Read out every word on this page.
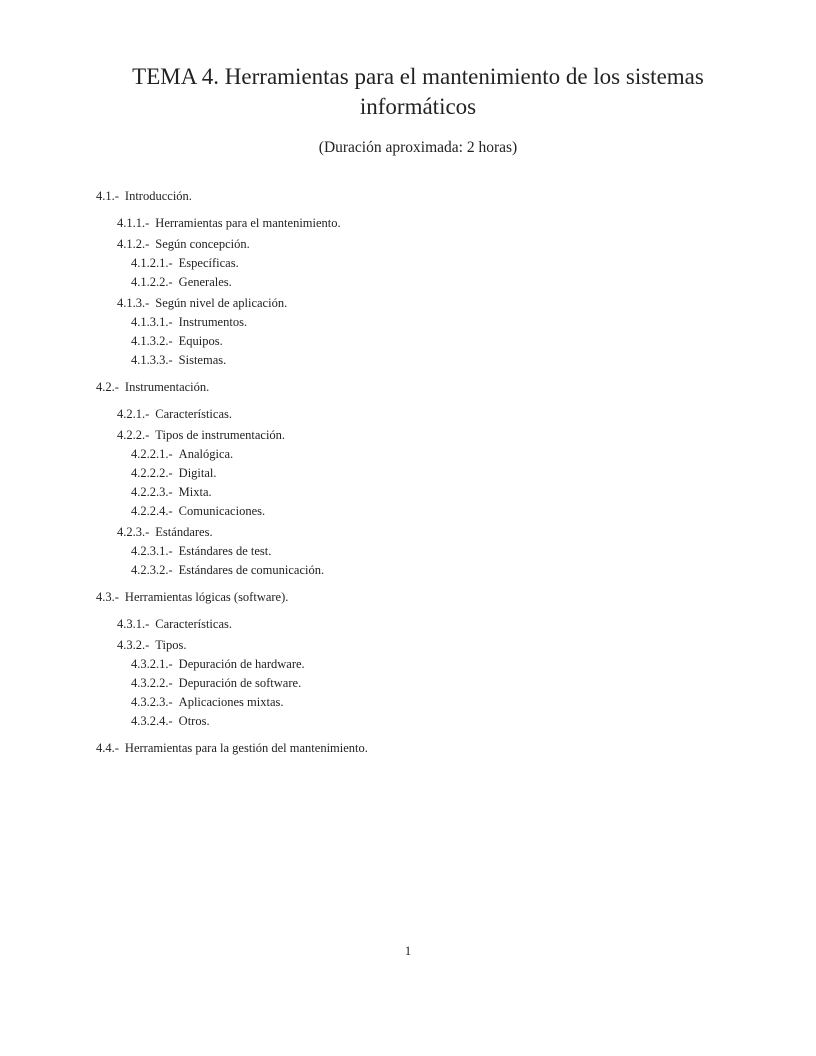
TEMA 4. Herramientas para el mantenimiento de los sistemas informáticos
(Duración aproximada: 2 horas)
4.1.- Introducción.
4.1.1.- Herramientas para el mantenimiento.
4.1.2.- Según concepción.
4.1.2.1.- Específicas.
4.1.2.2.- Generales.
4.1.3.- Según nivel de aplicación.
4.1.3.1.- Instrumentos.
4.1.3.2.- Equipos.
4.1.3.3.- Sistemas.
4.2.- Instrumentación.
4.2.1.- Características.
4.2.2.- Tipos de instrumentación.
4.2.2.1.- Analógica.
4.2.2.2.- Digital.
4.2.2.3.- Mixta.
4.2.2.4.- Comunicaciones.
4.2.3.- Estándares.
4.2.3.1.- Estándares de test.
4.2.3.2.- Estándares de comunicación.
4.3.- Herramientas lógicas (software).
4.3.1.- Características.
4.3.2.- Tipos.
4.3.2.1.- Depuración de hardware.
4.3.2.2.- Depuración de software.
4.3.2.3.- Aplicaciones mixtas.
4.3.2.4.- Otros.
4.4.- Herramientas para la gestión del mantenimiento.
1
